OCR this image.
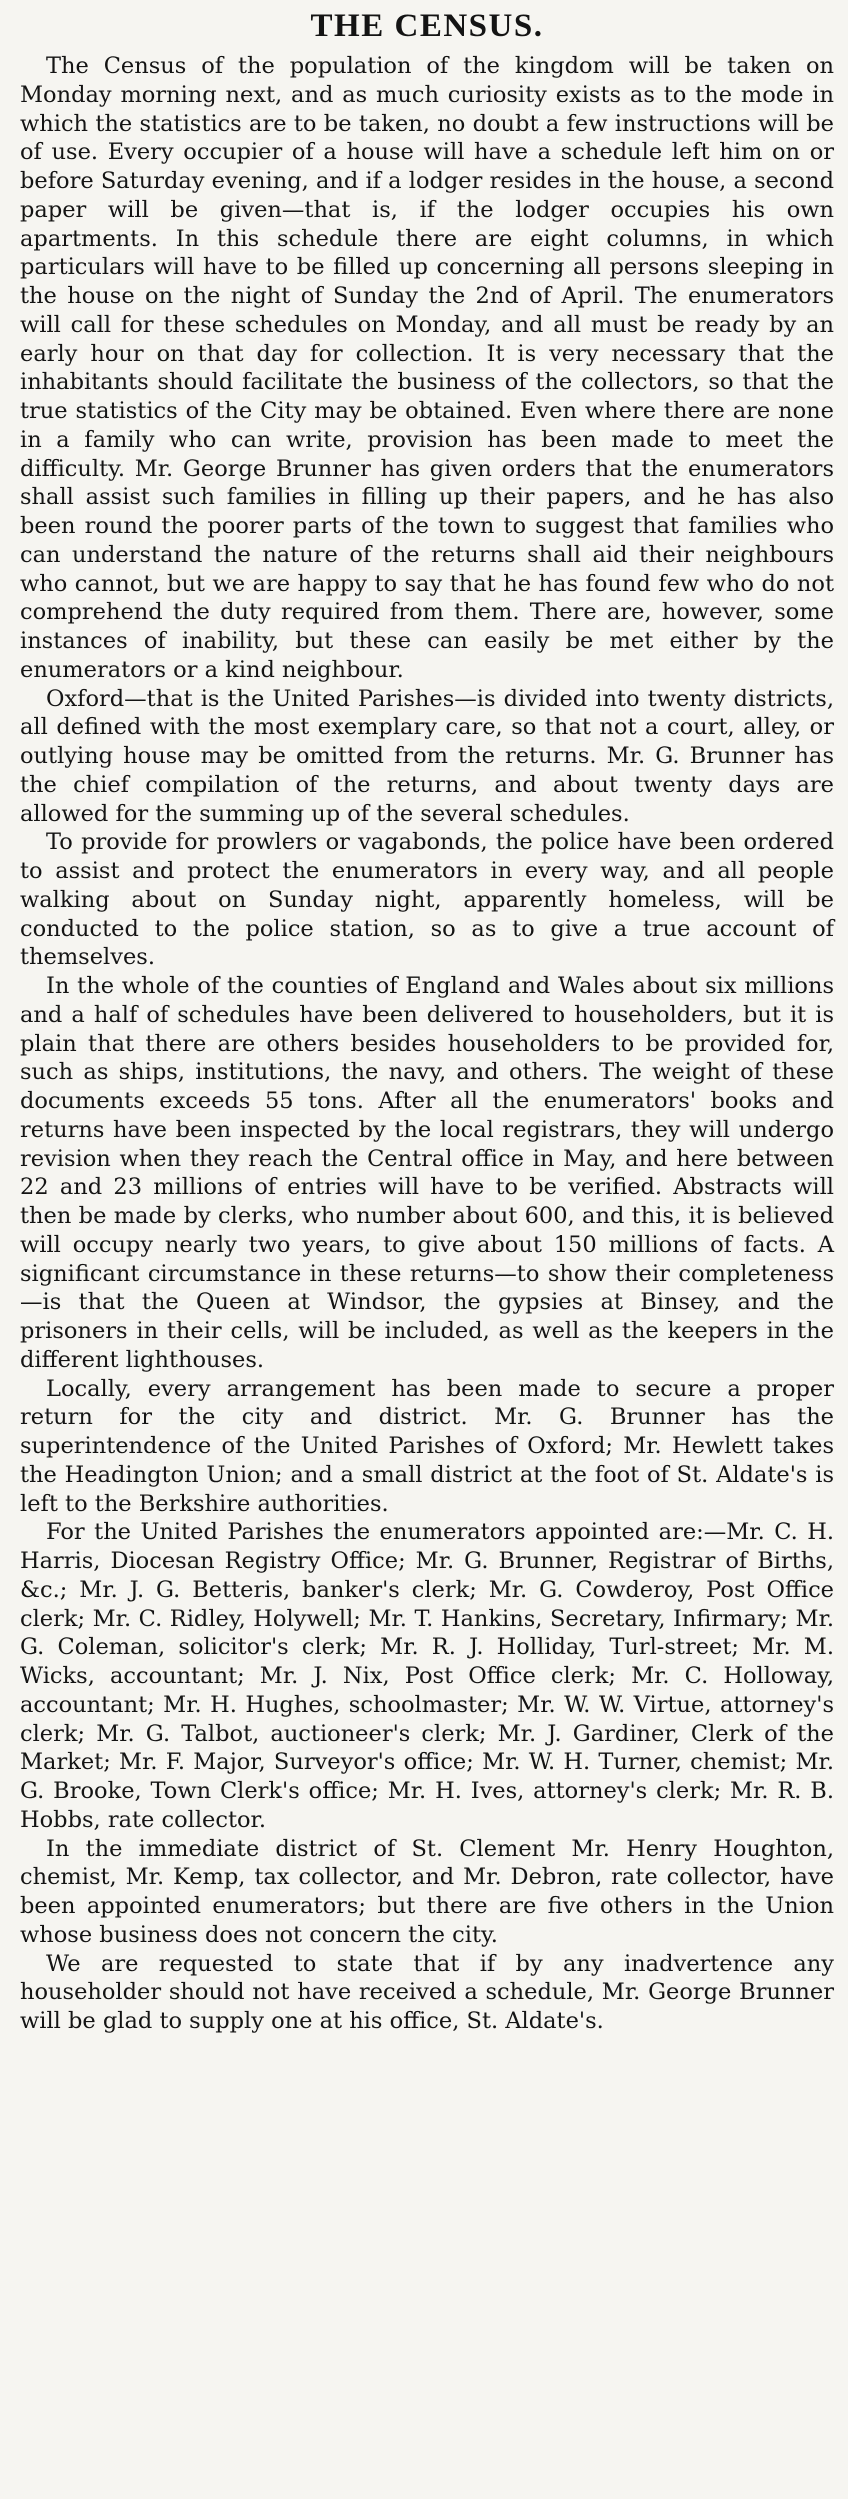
THE CENSUS.

The Census of the population of the kingdom will be taken on Monday morning next, and as much curiosity exists as to the mode in which the statistics are to be taken, no doubt a few instructions will be of use. Every occupier of a house will have a schedule left him on or before Saturday evening, and if a lodger resides in the house, a second paper will be given—that is, if the lodger occupies his own apartments. In this schedule there are eight columns, in which particulars will have to be filled up concerning all persons sleeping in the house on the night of Sunday the 2nd of April. The enumerators will call for these schedules on Monday, and all must be ready by an early hour on that day for collection. It is very necessary that the inhabitants should facilitate the business of the collectors, so that the true statistics of the City may be obtained. Even where there are none in a family who can write, provision has been made to meet the difficulty. Mr. George Brunner has given orders that the enumerators shall assist such families in filling up their papers, and he has also been round the poorer parts of the town to suggest that families who can understand the nature of the returns shall aid their neighbours who cannot, but we are happy to say that he has found few who do not comprehend the duty required from them. There are, however, some instances of inability, but these can easily be met either by the enumerators or a kind neighbour.

Oxford—that is the United Parishes—is divided into twenty districts, all defined with the most exemplary care, so that not a court, alley, or outlying house may be omitted from the returns. Mr. G. Brunner has the chief compilation of the returns, and about twenty days are allowed for the summing up of the several schedules.

To provide for prowlers or vagabonds, the police have been ordered to assist and protect the enumerators in every way, and all people walking about on Sunday night, apparently homeless, will be conducted to the police station, so as to give a true account of themselves.

In the whole of the counties of England and Wales about six millions and a half of schedules have been delivered to householders, but it is plain that there are others besides householders to be provided for, such as ships, institutions, the navy, and others. The weight of these documents exceeds 55 tons. After all the enumerators' books and returns have been inspected by the local registrars, they will undergo revision when they reach the Central office in May, and here between 22 and 23 millions of entries will have to be verified. Abstracts will then be made by clerks, who number about 600, and this, it is believed will occupy nearly two years, to give about 150 millions of facts. A significant circumstance in these returns—to show their completeness—is that the Queen at Windsor, the gypsies at Binsey, and the prisoners in their cells, will be included, as well as the keepers in the different lighthouses.

Locally, every arrangement has been made to secure a proper return for the city and district. Mr. G. Brunner has the superintendence of the United Parishes of Oxford; Mr. Hewlett takes the Headington Union; and a small district at the foot of St. Aldate's is left to the Berkshire authorities.

For the United Parishes the enumerators appointed are:—Mr. C. H. Harris, Diocesan Registry Office; Mr. G. Brunner, Registrar of Births, &c.; Mr. J. G. Betteris, banker's clerk; Mr. G. Cowderoy, Post Office clerk; Mr. C. Ridley, Holywell; Mr. T. Hankins, Secretary, Infirmary; Mr. G. Coleman, solicitor's clerk; Mr. R. J. Holliday, Turl-street; Mr. M. Wicks, accountant; Mr. J. Nix, Post Office clerk; Mr. C. Holloway, accountant; Mr. H. Hughes, schoolmaster; Mr. W. W. Virtue, attorney's clerk; Mr. G. Talbot, auctioneer's clerk; Mr. J. Gardiner, Clerk of the Market; Mr. F. Major, Surveyor's office; Mr. W. H. Turner, chemist; Mr. G. Brooke, Town Clerk's office; Mr. H. Ives, attorney's clerk; Mr. R. B. Hobbs, rate collector.

In the immediate district of St. Clement Mr. Henry Houghton, chemist, Mr. Kemp, tax collector, and Mr. Debron, rate collector, have been appointed enumerators; but there are five others in the Union whose business does not concern the city.

We are requested to state that if by any inadvertence any householder should not have received a schedule, Mr. George Brunner will be glad to supply one at his office, St. Aldate's.
